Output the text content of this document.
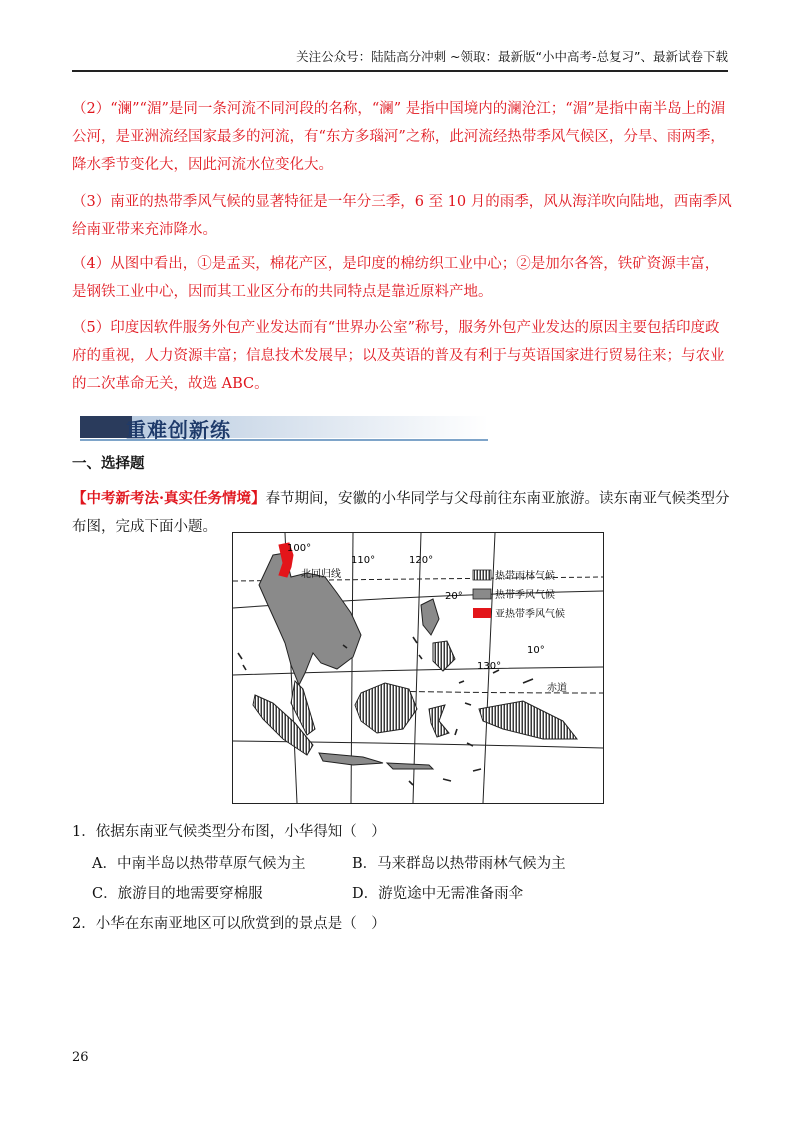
关注公众号：陆陆高分冲刺 ~领取：最新版“小中高考-总复习”、最新试卷下载

（2）“澜”“湄”是同一条河流不同河段的名称，“澜” 是指中国境内的澜沧江；“湄”是指中南半岛上的湄公河，是亚洲流经国家最多的河流，有“东方多瑙河”之称，此河流经热带季风气候区，分旱、雨两季，降水季节变化大，因此河流水位变化大。

（3）南亚的热带季风气候的显著特征是一年分三季，6 至 10 月的雨季，风从海洋吹向陆地，西南季风给南亚带来充沛降水。

（4）从图中看出，①是孟买，棉花产区，是印度的棉纺织工业中心；②是加尔各答，铁矿资源丰富，是钢铁工业中心，因而其工业区分布的共同特点是靠近原料产地。

（5）印度因软件服务外包产业发达而有“世界办公室”称号，服务外包产业发达的原因主要包括印度政府的重视，人力资源丰富；信息技术发展早；以及英语的普及有利于与英语国家进行贸易往来；与农业的二次革命无关，故选 ABC。

重难创新练
一、选择题

【中考新考法·真实任务情境】春节期间，安徽的小华同学与父母前往东南亚旅游。读东南亚气候类型分布图，完成下面小题。

100°
110°	120°
130°
20°
10°
北回归线
赤道
热带雨林气候
热带季风气候
亚热带季风气候
1．依据东南亚气候类型分布图，小华得知（　）
A．中南半岛以热带草原气候为主	B．马来群岛以热带雨林气候为主
C．旅游目的地需要穿棉服	D．游览途中无需准备雨伞
2．小华在东南亚地区可以欣赏到的景点是（　）
26
